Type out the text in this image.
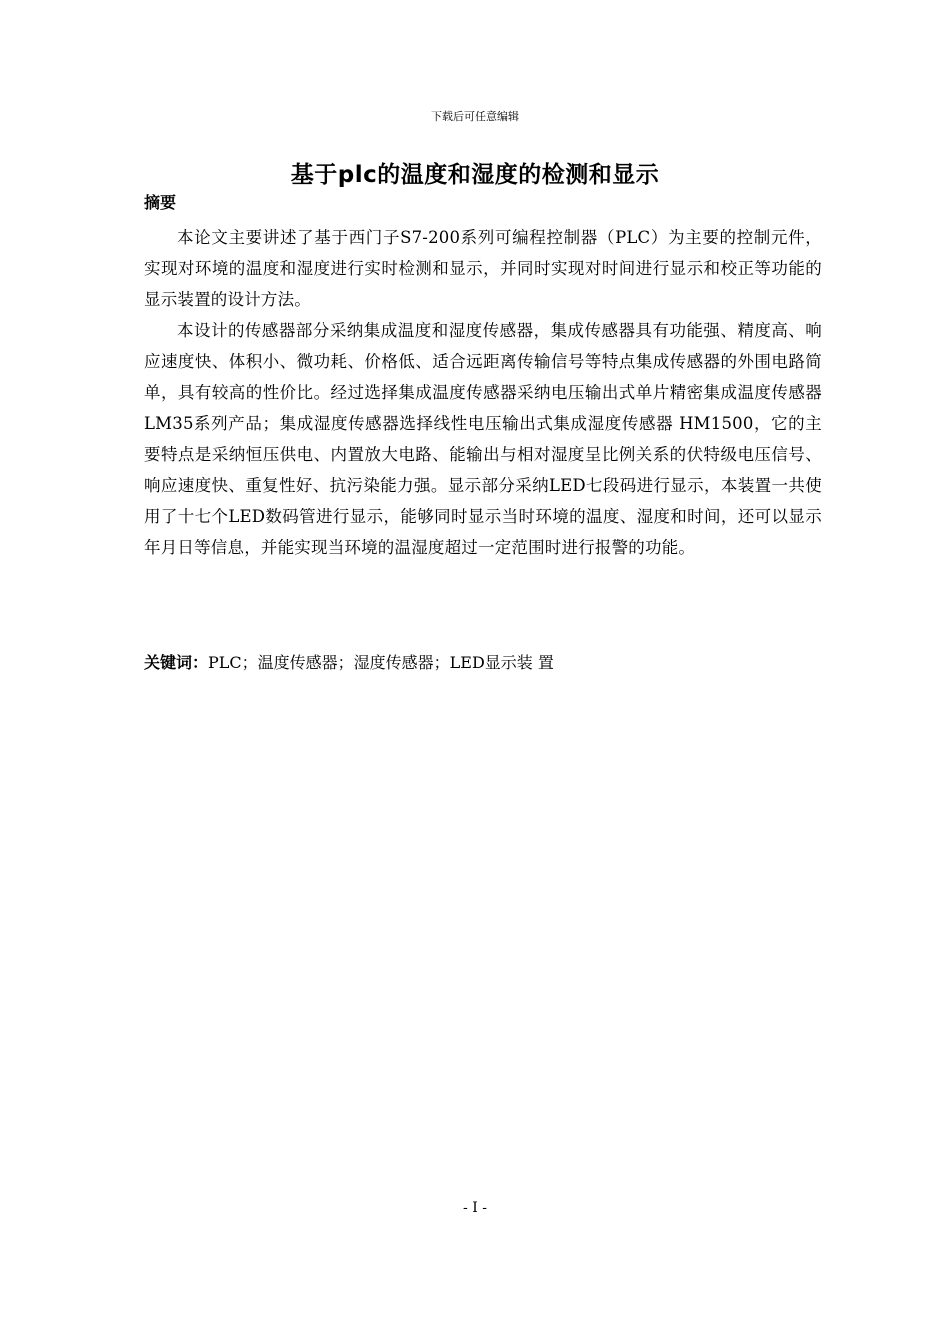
下载后可任意编辑
基于plc的温度和湿度的检测和显示
摘要

本论文主要讲述了基于西门子S7-200系列可编程控制器（PLC）为主要的控制元件，实现对环境的温度和湿度进行实时检测和显示，并同时实现对时间进行显示和校正等功能的显示装置的设计方法。

本设计的传感器部分采纳集成温度和湿度传感器，集成传感器具有功能强、精度高、响应速度快、体积小、微功耗、价格低、适合远距离传输信号等特点集成传感器的外围电路简单，具有较高的性价比。经过选择集成温度传感器采纳电压输出式单片精密集成温度传感器LM35系列产品；集成湿度传感器选择线性电压输出式集成湿度传感器 HM1500，它的主要特点是采纳恒压供电、内置放大电路、能输出与相对湿度呈比例关系的伏特级电压信号、响应速度快、重复性好、抗污染能力强。显示部分采纳LED七段码进行显示，本装置一共使用了十七个LED数码管进行显示，能够同时显示当时环境的温度、湿度和时间，还可以显示年月日等信息，并能实现当环境的温湿度超过一定范围时进行报警的功能。

关键词：PLC；温度传感器；湿度传感器；LED显示装 置
- I -
